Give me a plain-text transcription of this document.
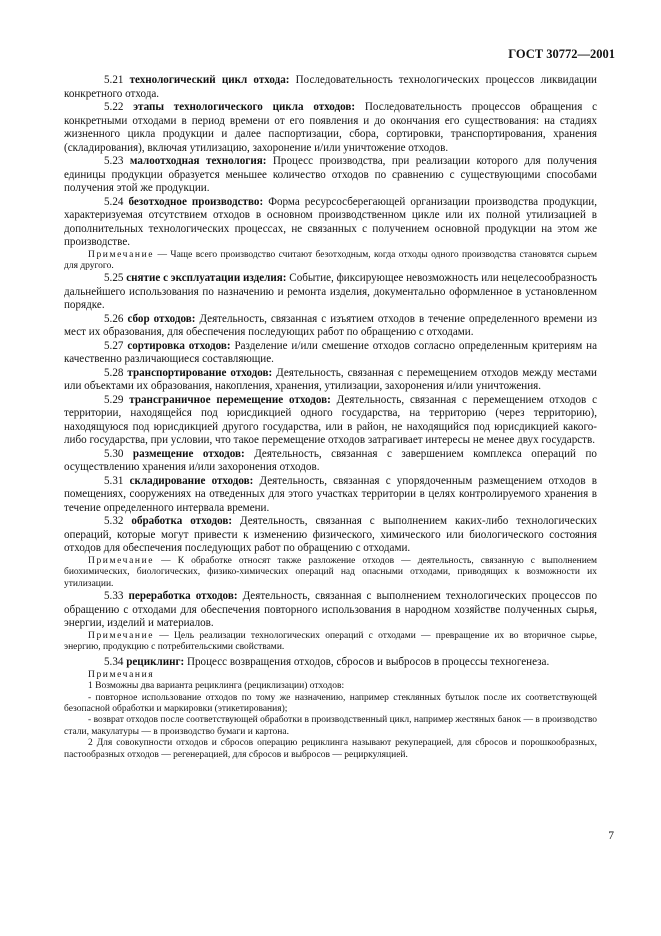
ГОСТ 30772—2001

5.21 технологический цикл отхода: Последовательность технологических процессов ликвидации конкретного отхода.

5.22 этапы технологического цикла отходов: Последовательность процессов обращения с конкретными отходами в период времени от его появления и до окончания его существования: на стадиях жизненного цикла продукции и далее паспортизации, сбора, сортировки, транспортирования, хранения (складирования), включая утилизацию, захоронение и/или уничтожение отходов.

5.23 малоотходная технология: Процесс производства, при реализации которого для получения единицы продукции образуется меньшее количество отходов по сравнению с существующими способами получения этой же продукции.

5.24 безотходное производство: Форма ресурсосберегающей организации производства продукции, характеризуемая отсутствием отходов в основном производственном цикле или их полной утилизацией в дополнительных технологических процессах, не связанных с получением основной продукции на этом же производстве.

Примечание — Чаще всего производство считают безотходным, когда отходы одного производства становятся сырьем для другого.

5.25 снятие с эксплуатации изделия: Событие, фиксирующее невозможность или нецелесообразность дальнейшего использования по назначению и ремонта изделия, документально оформленное в установленном порядке.

5.26 сбор отходов: Деятельность, связанная с изъятием отходов в течение определенного времени из мест их образования, для обеспечения последующих работ по обращению с отходами.

5.27 сортировка отходов: Разделение и/или смешение отходов согласно определенным критериям на качественно различающиеся составляющие.

5.28 транспортирование отходов: Деятельность, связанная с перемещением отходов между местами или объектами их образования, накопления, хранения, утилизации, захоронения и/или уничтожения.

5.29 трансграничное перемещение отходов: Деятельность, связанная с перемещением отходов с территории, находящейся под юрисдикцией одного государства, на территорию (через территорию), находящуюся под юрисдикцией другого государства, или в район, не находящийся под юрисдикцией какого-либо государства, при условии, что такое перемещение отходов затрагивает интересы не менее двух государств.

5.30 размещение отходов: Деятельность, связанная с завершением комплекса операций по осуществлению хранения и/или захоронения отходов.

5.31 складирование отходов: Деятельность, связанная с упорядоченным размещением отходов в помещениях, сооружениях на отведенных для этого участках территории в целях контролируемого хранения в течение определенного интервала времени.

5.32 обработка отходов: Деятельность, связанная с выполнением каких-либо технологических операций, которые могут привести к изменению физического, химического или биологического состояния отходов для обеспечения последующих работ по обращению с отходами.

Примечание — К обработке относят также разложение отходов — деятельность, связанную с выполнением биохимических, биологических, физико-химических операций над опасными отходами, приводящих к возможности их утилизации.

5.33 переработка отходов: Деятельность, связанная с выполнением технологических процессов по обращению с отходами для обеспечения повторного использования в народном хозяйстве полученных сырья, энергии, изделий и материалов.

Примечание — Цель реализации технологических операций с отходами — превращение их во вторичное сырье, энергию, продукцию с потребительскими свойствами.

5.34 рециклинг: Процесс возвращения отходов, сбросов и выбросов в процессы техногенеза.

Примечания

1 Возможны два варианта рециклинга (рециклизации) отходов:

- повторное использование отходов по тому же назначению, например стеклянных бутылок после их соответствующей безопасной обработки и маркировки (этикетирования);

- возврат отходов после соответствующей обработки в производственный цикл, например жестяных банок — в производство стали, макулатуры — в производство бумаги и картона.

2 Для совокупности отходов и сбросов операцию рециклинга называют рекуперацией, для сбросов и порошкообразных, пастообразных отходов — регенерацией, для сбросов и выбросов — рециркуляцией.

7
